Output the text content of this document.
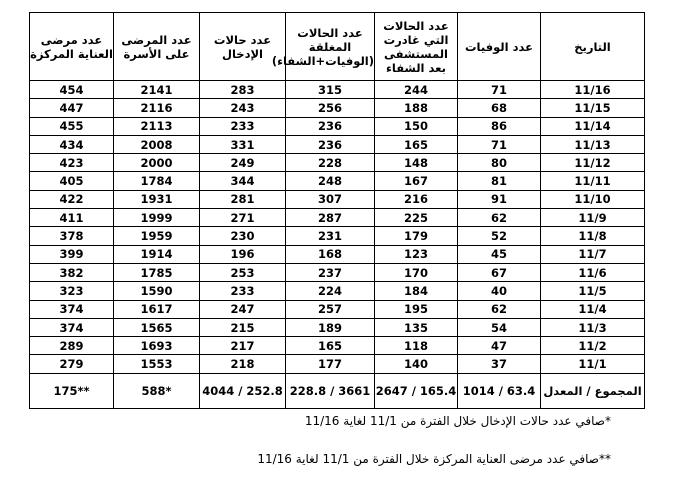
عدد مرضى العناية المركزة	عدد المرضى على الأسرة	عدد حالات الإدخال	عدد الحالات المغلقة (الوفيات+الشفاء)	عدد الحالات التي غادرت المستشفى بعد الشفاء	عدد الوفيات	التاريخ
454	2141	283	315	244	71	11/16
447	2116	243	256	188	68	11/15
455	2113	233	236	150	86	11/14
434	2008	331	236	165	71	11/13
423	2000	249	228	148	80	11/12
405	1784	344	248	167	81	11/11
422	1931	281	307	216	91	11/10
411	1999	271	287	225	62	11/9
378	1959	230	231	179	52	11/8
399	1914	196	168	123	45	11/7
382	1785	253	237	170	67	11/6
323	1590	233	224	184	40	11/5
374	1617	247	257	195	62	11/4
374	1565	215	189	135	54	11/3
289	1693	217	165	118	47	11/2
279	1553	218	177	140	37	11/1
175**	588*	4044 / 252.8	228.8 / 3661	2647 / 165.4	1014 / 63.4	المجموع / المعدل
*صافي عدد حالات الإدخال خلال الفترة من 11/1 لغاية 11/16
**صافي عدد مرضى العناية المركزة خلال الفترة من 11/1 لغاية 11/16
